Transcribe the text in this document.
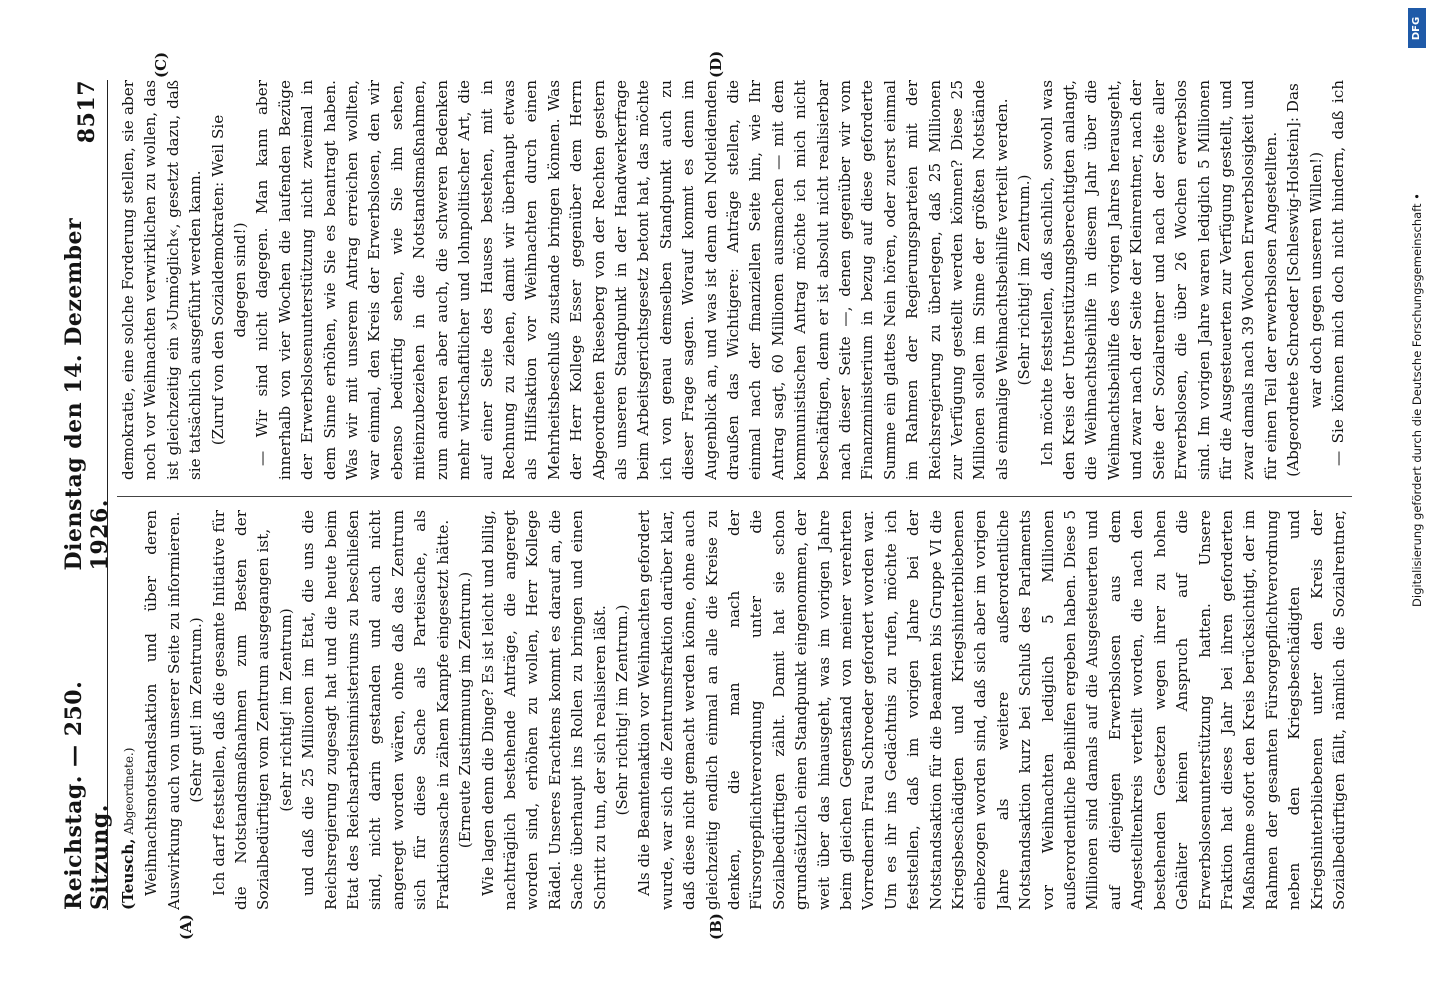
Reichstag. — 250. Sitzung.
Dienstag den 14. Dezember 1926.
8517
(A)	(B)
(C)	(D)

(Teusch, Abgeordnete.) Weihnachtsnotstandsaktion und über deren Auswirkung auch von unserer Seite zu informieren. (Sehr gut! im Zentrum.) Ich darf feststellen, daß die gesamte Initiative für die Notstandsmaßnahmen zum Besten der Sozialbedürftigen vom Zentrum ausgegangen ist, (sehr richtig! im Zentrum) und daß die 25 Millionen im Etat, die uns die Reichsregierung zugesagt hat und die heute beim Etat des Reichsarbeitsministeriums zu beschließen sind, nicht darin gestanden und auch nicht angeregt worden wären, ohne daß das Zentrum sich für diese Sache als Parteisache, als Fraktionssache in zähem Kampfe eingesetzt hätte. (Erneute Zustimmung im Zentrum.) Wie lagen denn die Dinge? Es ist leicht und billig, nachträglich bestehende Anträge, die angeregt worden sind, erhöhen zu wollen, Herr Kollege Rädel. Unseres Erachtens kommt es darauf an, die Sache überhaupt ins Rollen zu bringen und einen Schritt zu tun, der sich realisieren läßt. (Sehr richtig! im Zentrum.)

Als die Beamtenaktion vor Weihnachten gefordert wurde, war sich die Zentrumsfraktion darüber klar, daß diese nicht gemacht werden könne, ohne auch gleichzeitig endlich einmal an alle die Kreise zu denken, die man nach der Fürsorgepflichtverordnung unter die Sozialbedürftigen zählt. Damit hat sie schon grundsätzlich einen Standpunkt eingenommen, der weit über das hinausgeht, was im vorigen Jahre beim gleichen Gegenstand von meiner verehrten Vorrednerin Frau Schroeder gefordert worden war. Um es ihr ins Gedächtnis zu rufen, möchte ich feststellen, daß im vorigen Jahre bei der Notstandsaktion für die Beamten bis Gruppe VI die Kriegsbeschädigten und Kriegshinterbliebenen einbezogen worden sind, daß sich aber im vorigen Jahre als weitere außerordentliche Notstandsaktion kurz bei Schluß des Parlaments vor Weihnachten lediglich 5 Millionen außerordentliche Beihilfen ergeben haben. Diese 5 Millionen sind damals auf die Ausgesteuerten und auf diejenigen Erwerbslosen aus dem Angestelltenkreis verteilt worden, die nach den bestehenden Gesetzen wegen ihrer zu hohen Gehälter keinen Anspruch auf die Erwerbslosenunterstützung hatten. Unsere Fraktion hat dieses Jahr bei ihren geforderten Maßnahme sofort den Kreis berücksichtigt, der im Rahmen der gesamten Fürsorgepflichtverordnung neben den Kriegsbeschädigten und Kriegshinterbliebenen unter den Kreis der Sozialbedürftigen fällt, nämlich die Sozialrentner,

demokratie, eine solche Forderung stellen, sie aber noch vor Weihnachten verwirklichen zu wollen, das ist gleichzeitig ein »Unmöglich«, gesetzt dazu, daß sie tatsächlich ausgeführt werden kann. (Zuruf von den Sozialdemokraten: Weil Sie dagegen sind!) — Wir sind nicht dagegen. Man kann aber innerhalb von vier Wochen die laufenden Bezüge der Erwerbslosenunterstützung nicht zweimal in dem Sinne erhöhen, wie Sie es beantragt haben. Was wir mit unserem Antrag erreichen wollten, war einmal, den Kreis der Erwerbslosen, den wir ebenso bedürftig sehen, wie Sie ihn sehen, miteinzubeziehen in die Notstandsmaßnahmen, zum anderen aber auch, die schweren Bedenken mehr wirtschaftlicher und lohnpolitischer Art, die auf einer Seite des Hauses bestehen, mit in Rechnung zu ziehen, damit wir überhaupt etwas als Hilfsaktion vor Weihnachten durch einen Mehrheitsbeschluß zustande bringen können. Was der Herr Kollege Esser gegenüber dem Herrn Abgeordneten Rieseberg von der Rechten gestern als unseren Standpunkt in der Handwerkerfrage beim Arbeitsgerichtsgesetz betont hat, das möchte ich von genau demselben Standpunkt auch zu dieser Frage sagen. Worauf kommt es denn im Augenblick an, und was ist denn den Notleidenden draußen das Wichtigere: Anträge stellen, die einmal nach der finanziellen Seite hin, wie Ihr Antrag sagt, 60 Millionen ausmachen — mit dem kommunistischen Antrag möchte ich mich nicht beschäftigen, denn er ist absolut nicht realisierbar nach dieser Seite —, denen gegenüber wir vom Finanzministerium in bezug auf diese geforderte Summe ein glattes Nein hören, oder zuerst einmal im Rahmen der Regierungsparteien mit der Reichsregierung zu überlegen, daß 25 Millionen zur Verfügung gestellt werden können? Diese 25 Millionen sollen im Sinne der größten Notstände als einmalige Weihnachtsbeihilfe verteilt werden. (Sehr richtig! im Zentrum.) Ich möchte feststellen, daß sachlich, sowohl was den Kreis der Unterstützungsberechtigten anlangt, die Weihnachtsbeihilfe in diesem Jahr über die Weihnachtsbeihilfe des vorigen Jahres herausgeht, und zwar nach der Seite der Kleinrentner, nach der Seite der Sozialrentner und nach der Seite aller Erwerbslosen, die über 26 Wochen erwerbslos sind. Im vorigen Jahre waren lediglich 5 Millionen für die Ausgesteuerten zur Verfügung gestellt, und zwar damals nach 39 Wochen Erwerbslosigkeit und für einen Teil der erwerbslosen Angestellten. (Abgeordnete Schroeder [Schleswig-Holstein]: Das war doch gegen unseren Willen!)

— Sie können mich doch nicht hindern, daß ich

DFG
Digitalisierung gefördert durch die Deutsche Forschungsgemeinschaft •
